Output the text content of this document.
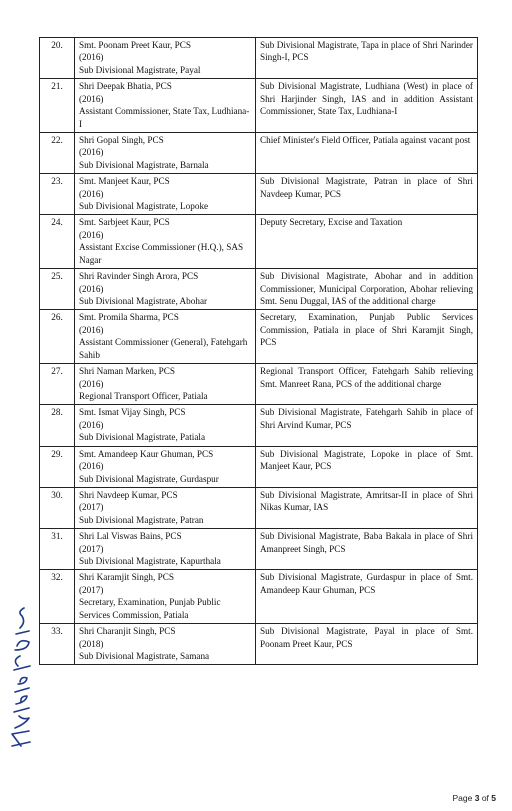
20.	Smt. Poonam Preet Kaur, PCS
(2016)
Sub Divisional Magistrate, Payal	Sub Divisional Magistrate, Tapa in place of Shri Narinder Singh-I, PCS
21.	Shri Deepak Bhatia, PCS
(2016)
Assistant Commissioner, State Tax, Ludhiana-I	Sub Divisional Magistrate, Ludhiana (West) in place of Shri Harjinder Singh, IAS and in addition Assistant Commissioner, State Tax, Ludhiana-I
22.	Shri Gopal Singh, PCS
(2016)
Sub Divisional Magistrate, Barnala	Chief Minister's Field Officer, Patiala against vacant post
23.	Smt. Manjeet Kaur, PCS
(2016)
Sub Divisional Magistrate, Lopoke	Sub Divisional Magistrate, Patran in place of Shri Navdeep Kumar, PCS
24.	Smt. Sarbjeet Kaur, PCS
(2016)
Assistant Excise Commissioner (H.Q.), SAS Nagar	Deputy Secretary, Excise and Taxation
25.	Shri Ravinder Singh Arora, PCS
(2016)
Sub Divisional Magistrate, Abohar	Sub Divisional Magistrate, Abohar and in addition Commissioner, Municipal Corporation, Abohar relieving Smt. Senu Duggal, IAS of the additional charge
26.	Smt. Promila Sharma, PCS
(2016)
Assistant Commissioner (General), Fatehgarh Sahib	Secretary, Examination, Punjab Public Services Commission, Patiala in place of Shri Karamjit Singh, PCS
27.	Shri Naman Marken, PCS
(2016)
Regional Transport Officer, Patiala	Regional Transport Officer, Fatehgarh Sahib relieving Smt. Manreet Rana, PCS of the additional charge
28.	Smt. Ismat Vijay Singh, PCS
(2016)
Sub Divisional Magistrate, Patiala	Sub Divisional Magistrate, Fatehgarh Sahib in place of Shri Arvind Kumar, PCS
29.	Smt. Amandeep Kaur Ghuman, PCS
(2016)
Sub Divisional Magistrate, Gurdaspur	Sub Divisional Magistrate, Lopoke in place of Smt. Manjeet Kaur, PCS
30.	Shri Navdeep Kumar, PCS
(2017)
Sub Divisional Magistrate, Patran	Sub Divisional Magistrate, Amritsar-II in place of Shri Nikas Kumar, IAS
31.	Shri Lal Viswas Bains, PCS
(2017)
Sub Divisional Magistrate, Kapurthala	Sub Divisional Magistrate, Baba Bakala in place of Shri Amanpreet Singh, PCS
32.	Shri Karamjit Singh, PCS
(2017)
Secretary, Examination, Punjab Public Services Commission, Patiala	Sub Divisional Magistrate, Gurdaspur in place of Smt. Amandeep Kaur Ghuman, PCS
33.	Shri Charanjit Singh, PCS
(2018)
Sub Divisional Magistrate, Samana	Sub Divisional Magistrate, Payal in place of Smt. Poonam Preet Kaur, PCS
Page 3 of 5
